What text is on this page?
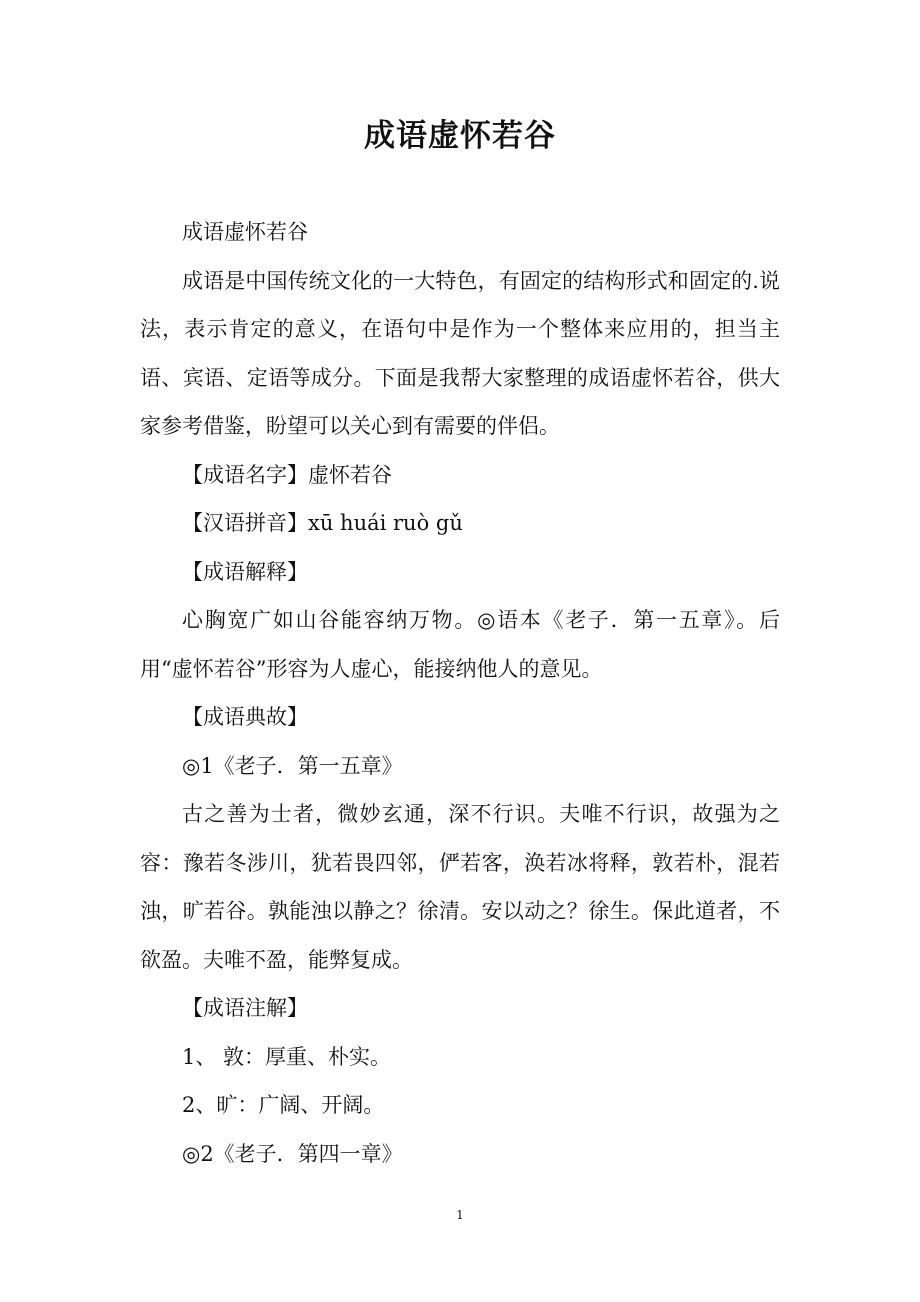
成语虚怀若谷

成语虚怀若谷

成语是中国传统文化的一大特色，有固定的结构形式和固定的.说法，表示肯定的意义，在语句中是作为一个整体来应用的，担当主语、宾语、定语等成分。下面是我帮大家整理的成语虚怀若谷，供大家参考借鉴，盼望可以关心到有需要的伴侣。

【成语名字】虚怀若谷

【汉语拼音】xū huái ruò gǔ

【成语解释】

心胸宽广如山谷能容纳万物。◎语本《老子．第一五章》。后用“虚怀若谷”形容为人虚心，能接纳他人的意见。

【成语典故】

◎1《老子．第一五章》

古之善为士者，微妙玄通，深不行识。夫唯不行识，故强为之容：豫若冬涉川，犹若畏四邻，俨若客，涣若冰将释，敦若朴，混若浊，旷若谷。孰能浊以静之？徐清。安以动之？徐生。保此道者，不欲盈。夫唯不盈，能弊复成。

【成语注解】

1、 敦：厚重、朴实。

2、旷：广阔、开阔。

◎2《老子．第四一章》

1
